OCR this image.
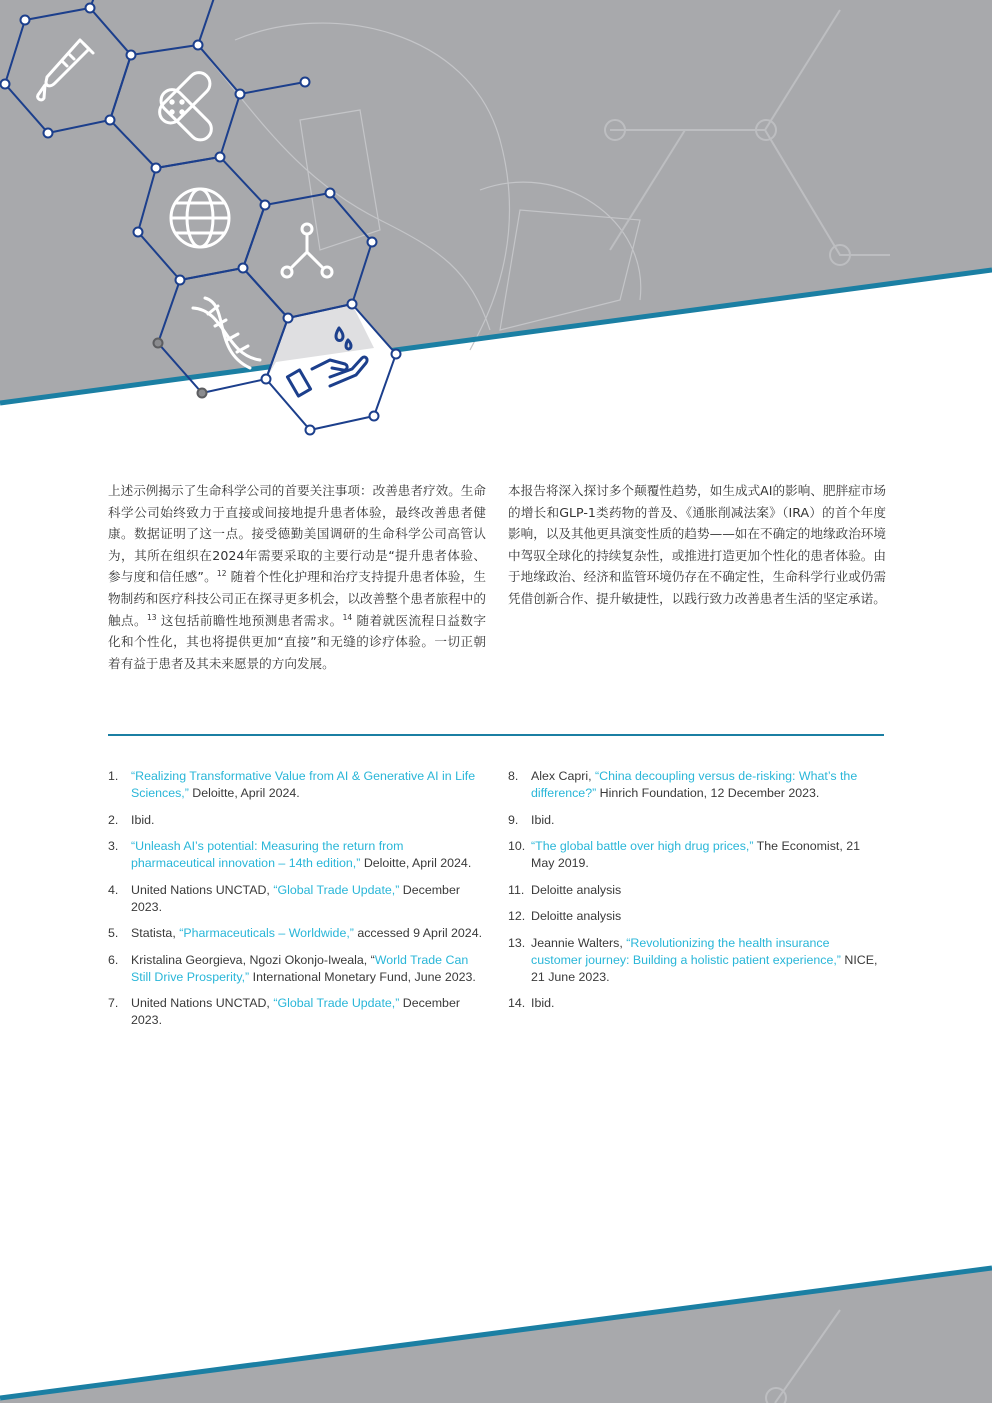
上述示例揭示了生命科学公司的首要关注事项：改善患者疗效。生命科学公司始终致力于直接或间接地提升患者体验，最终改善患者健康。数据证明了这一点。接受德勤美国调研的生命科学公司高管认为，其所在组织在2024年需要采取的主要行动是“提升患者体验、参与度和信任感”。$^{12}$ 随着个性化护理和治疗支持提升患者体验，生物制药和医疗科技公司正在探寻更多机会，以改善整个患者旅程中的触点。$^{13}$ 这包括前瞻性地预测患者需求。$^{14}$ 随着就医流程日益数字化和个性化，其也将提供更加“直接”和无缝的诊疗体验。一切正朝着有益于患者及其未来愿景的方向发展。

本报告将深入探讨多个颠覆性趋势，如生成式AI的影响、肥胖症市场的增长和GLP-1类药物的普及、《通胀削减法案》（IRA）的首个年度影响，以及其他更具演变性质的趋势——如在不确定的地缘政治环境中驾驭全球化的持续复杂性，或推进打造更加个性化的患者体验。由于地缘政治、经济和监管环境仍存在不确定性，生命科学行业或仍需凭借创新合作、提升敏捷性，以践行致力改善患者生活的坚定承诺。

1. “Realizing Transformative Value from AI & Generative AI in Life Sciences,” Deloitte, April 2024.
2. Ibid.
3. “Unleash AI’s potential: Measuring the return from pharmaceutical innovation – 14th edition,” Deloitte, April 2024.
4. United Nations UNCTAD, “Global Trade Update,” December 2023.
5. Statista, “Pharmaceuticals – Worldwide,” accessed 9 April 2024.
6. Kristalina Georgieva, Ngozi Okonjo-Iweala, “World Trade Can Still Drive Prosperity,” International Monetary Fund, June 2023.
7. United Nations UNCTAD, “Global Trade Update,” December 2023.
8. Alex Capri, “China decoupling versus de-risking: What’s the difference?” Hinrich Foundation, 12 December 2023.
9. Ibid.
10. “The global battle over high drug prices,” The Economist, 21 May 2019.
11. Deloitte analysis
12. Deloitte analysis
13. Jeannie Walters, “Revolutionizing the health insurance customer journey: Building a holistic patient experience,” NICE, 21 June 2023.
14. Ibid.
